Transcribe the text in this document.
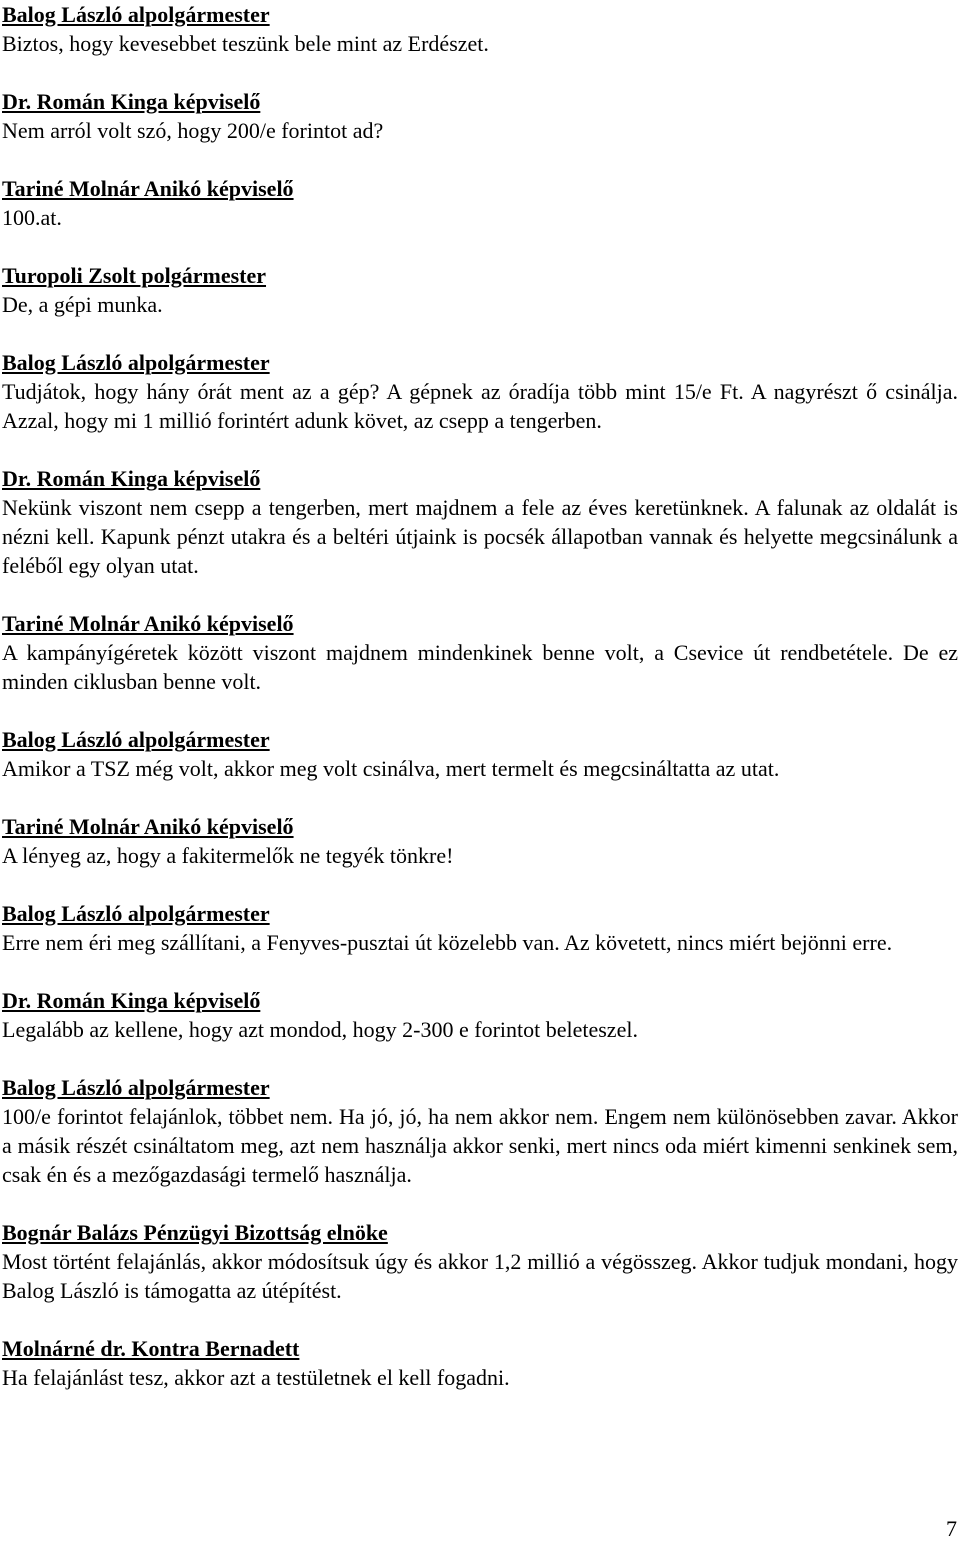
Balog László alpolgármester

Biztos, hogy kevesebbet teszünk bele mint az Erdészet.

Dr. Román Kinga képviselő

Nem arról volt szó, hogy 200/e forintot ad?

Tariné Molnár Anikó képviselő

100.at.

Turopoli Zsolt polgármester

De, a gépi munka.

Balog László alpolgármester

Tudjátok, hogy hány órát ment az a gép? A gépnek az óradíja több mint 15/e Ft. A nagyrészt ő csinálja. Azzal, hogy mi 1 millió forintért adunk követ, az csepp a tengerben.

Dr. Román Kinga képviselő

Nekünk viszont nem csepp a tengerben, mert majdnem a fele az éves keretünknek. A falunak az oldalát is nézni kell. Kapunk pénzt utakra és a beltéri útjaink is pocsék állapotban vannak és helyette megcsinálunk a feléből egy olyan utat.

Tariné Molnár Anikó képviselő

A kampányígéretek között viszont majdnem mindenkinek benne volt, a Csevice út rendbetétele. De ez minden ciklusban benne volt.

Balog László alpolgármester

Amikor a TSZ még volt, akkor meg volt csinálva, mert termelt és megcsináltatta az utat.

Tariné Molnár Anikó képviselő

A lényeg az, hogy a fakitermelők ne tegyék tönkre!

Balog László alpolgármester

Erre nem éri meg szállítani, a Fenyves-pusztai út közelebb van. Az követett, nincs miért bejönni erre.

Dr. Román Kinga képviselő

Legalább az kellene, hogy azt mondod, hogy 2-300 e forintot beleteszel.

Balog László alpolgármester

100/e forintot felajánlok, többet nem. Ha jó, jó, ha nem akkor nem. Engem nem különösebben zavar. Akkor a másik részét csináltatom meg, azt nem használja akkor senki, mert nincs oda miért kimenni senkinek sem, csak én és a mezőgazdasági termelő használja.

Bognár Balázs Pénzügyi Bizottság elnöke

Most történt felajánlás, akkor módosítsuk úgy és akkor 1,2 millió a végösszeg. Akkor tudjuk mondani, hogy Balog László is támogatta az útépítést.

Molnárné dr. Kontra Bernadett

Ha felajánlást tesz, akkor azt a testületnek el kell fogadni.

7
